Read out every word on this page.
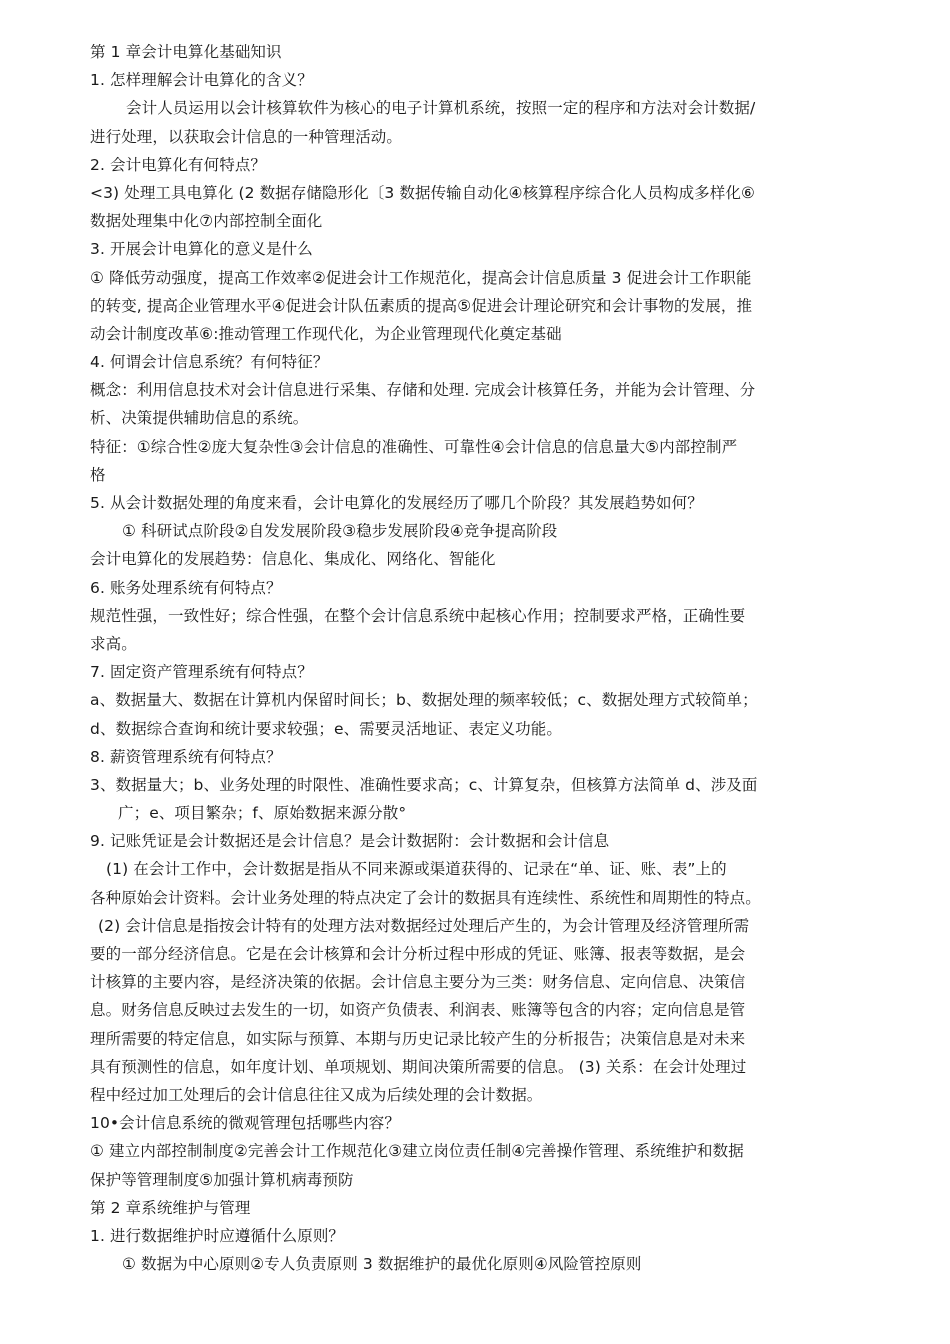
第 1 章会计电算化基础知识
1. 怎样理解会计电算化的含义？
会计人员运用以会计核算软件为核心的电子计算机系统，按照一定的程序和方法对会计数据/
进行处理，以获取会计信息的一种管理活动。
2. 会计电算化有何特点？
<3) 处理工具电算化 (2 数据存储隐形化〔3 数据传输自动化④核算程序综合化人员构成多样化⑥
数据处理集中化⑦内部控制全面化
3. 开展会计电算化的意义是什么
① 降低劳动强度，提高工作效率②促进会计工作规范化，提高会计信息质量 3 促进会计工作职能
的转变, 提高企业管理水平④促进会计队伍素质的提高⑤促进会计理论研究和会计事物的发展，推
动会计制度改革⑥:推动管理工作现代化，为企业管理现代化奠定基础
4. 何谓会计信息系统？有何特征？
概念：利用信息技术对会计信息进行采集、存储和处理. 完成会计核算任务，并能为会计管理、分
析、决策提供辅助信息的系统。
特征：①综合性②庞大复杂性③会计信息的准确性、可靠性④会计信息的信息量大⑤内部控制严
格
5. 从会计数据处理的角度来看，会计电算化的发展经历了哪几个阶段？其发展趋势如何？
① 科研试点阶段②自发发展阶段③稳步发展阶段④竞争提高阶段
会计电算化的发展趋势：信息化、集成化、网络化、智能化
6. 账务处理系统有何特点？
规范性强，一致性好；综合性强，在整个会计信息系统中起核心作用；控制要求严格，正确性要
求高。
7. 固定资产管理系统有何特点？
a、数据量大、数据在计算机内保留时间长；b、数据处理的频率较低；c、数据处理方式较简单；
d、数据综合查询和统计要求较强；e、需要灵活地证、表定义功能。
8. 薪资管理系统有何特点？
3、数据量大；b、业务处理的时限性、准确性要求高；c、计算复杂，但核算方法简单 d、涉及面
广；e、项目繁杂；f、原始数据来源分散°
9. 记账凭证是会计数据还是会计信息？是会计数据附：会计数据和会计信息
(1) 在会计工作中，会计数据是指从不同来源或渠道获得的、记录在“单、证、账、表”上的
各种原始会计资料。会计业务处理的特点决定了会计的数据具有连续性、系统性和周期性的特点。
(2) 会计信息是指按会计特有的处理方法对数据经过处理后产生的，为会计管理及经济管理所需
要的一部分经济信息。它是在会计核算和会计分析过程中形成的凭证、账簿、报表等数据，是会
计核算的主要内容，是经济决策的依据。会计信息主要分为三类：财务信息、定向信息、决策信
息。财务信息反映过去发生的一切，如资产负债表、利润表、账簿等包含的内容；定向信息是管
理所需要的特定信息，如实际与预算、本期与历史记录比较产生的分析报告；决策信息是对未来
具有预测性的信息，如年度计划、单项规划、期间决策所需要的信息。 (3) 关系：在会计处理过
程中经过加工处理后的会计信息往往又成为后续处理的会计数据。
10•会计信息系统的微观管理包括哪些内容？
① 建立内部控制制度②完善会计工作规范化③建立岗位责任制④完善操作管理、系统维护和数据
保护等管理制度⑤加强计算机病毒预防
第 2 章系统维护与管理
1. 进行数据维护时应遵循什么原则？
① 数据为中心原则②专人负责原则 3 数据维护的最优化原则④风险管控原则
